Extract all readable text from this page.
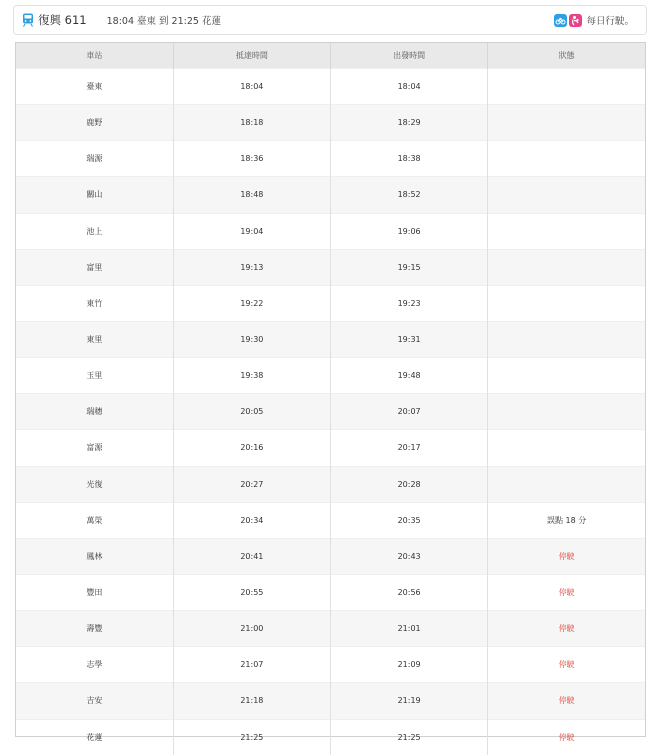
復興 611 18:04 臺東 到 21:25 花蓮	每日行駛。
車站	抵達時間	出發時間	狀態
臺東	18:04	18:04	
鹿野	18:18	18:29	
瑞源	18:36	18:38	
關山	18:48	18:52	
池上	19:04	19:06	
富里	19:13	19:15	
東竹	19:22	19:23	
東里	19:30	19:31	
玉里	19:38	19:48	
瑞穗	20:05	20:07	
富源	20:16	20:17	
光復	20:27	20:28	
萬榮	20:34	20:35	誤點 18 分
鳳林	20:41	20:43	停駛
豐田	20:55	20:56	停駛
壽豐	21:00	21:01	停駛
志學	21:07	21:09	停駛
吉安	21:18	21:19	停駛
花蓮	21:25	21:25	停駛
